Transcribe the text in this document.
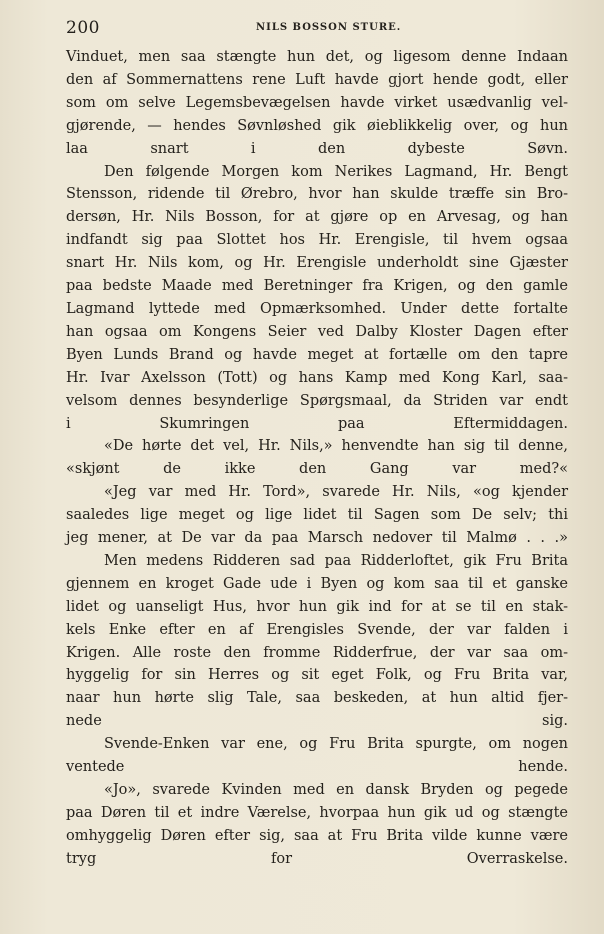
200	NILS BOSSON STURE.
Vinduet, men saa stængte hun det, og ligesom denne Indaan
den af Sommernattens rene Luft havde gjort hende godt, eller
som om selve Legemsbevægelsen havde virket usædvanlig vel-
gjørende, — hendes Søvnløshed gik øieblikkelig over, og hun
laa snart i den dybeste Søvn.
Den følgende Morgen kom Nerikes Lagmand, Hr. Bengt
Stensson, ridende til Ørebro, hvor han skulde træffe sin Bro-
dersøn, Hr. Nils Bosson, for at gjøre op en Arvesag, og han
indfandt sig paa Slottet hos Hr. Erengisle, til hvem ogsaa
snart Hr. Nils kom, og Hr. Erengisle underholdt sine Gjæster
paa bedste Maade med Beretninger fra Krigen, og den gamle
Lagmand lyttede med Opmærksomhed. Under dette fortalte
han ogsaa om Kongens Seier ved Dalby Kloster Dagen efter
Byen Lunds Brand og havde meget at fortælle om den tapre
Hr. Ivar Axelsson (Tott) og hans Kamp med Kong Karl, saa-
velsom dennes besynderlige Spørgsmaal, da Striden var endt
i Skumringen paa Eftermiddagen.
«De hørte det vel, Hr. Nils,» henvendte han sig til denne,
«skjønt de ikke den Gang var med?«
«Jeg var med Hr. Tord», svarede Hr. Nils, «og kjender
saaledes lige meget og lige lidet til Sagen som De selv; thi
jeg mener, at De var da paa Marsch nedover til Malmø . . .»
Men medens Ridderen sad paa Ridderloftet, gik Fru Brita
gjennem en kroget Gade ude i Byen og kom saa til et ganske
lidet og uanseligt Hus, hvor hun gik ind for at se til en stak-
kels Enke efter en af Erengisles Svende, der var falden i
Krigen. Alle roste den fromme Ridderfrue, der var saa om-
hyggelig for sin Herres og sit eget Folk, og Fru Brita var,
naar hun hørte slig Tale, saa beskeden, at hun altid fjer-
nede sig.
Svende-Enken var ene, og Fru Brita spurgte, om nogen
ventede hende.
«Jo», svarede Kvinden med en dansk Bryden og pegede
paa Døren til et indre Værelse, hvorpaa hun gik ud og stængte
omhyggelig Døren efter sig, saa at Fru Brita vilde kunne være
tryg for Overraskelse.
